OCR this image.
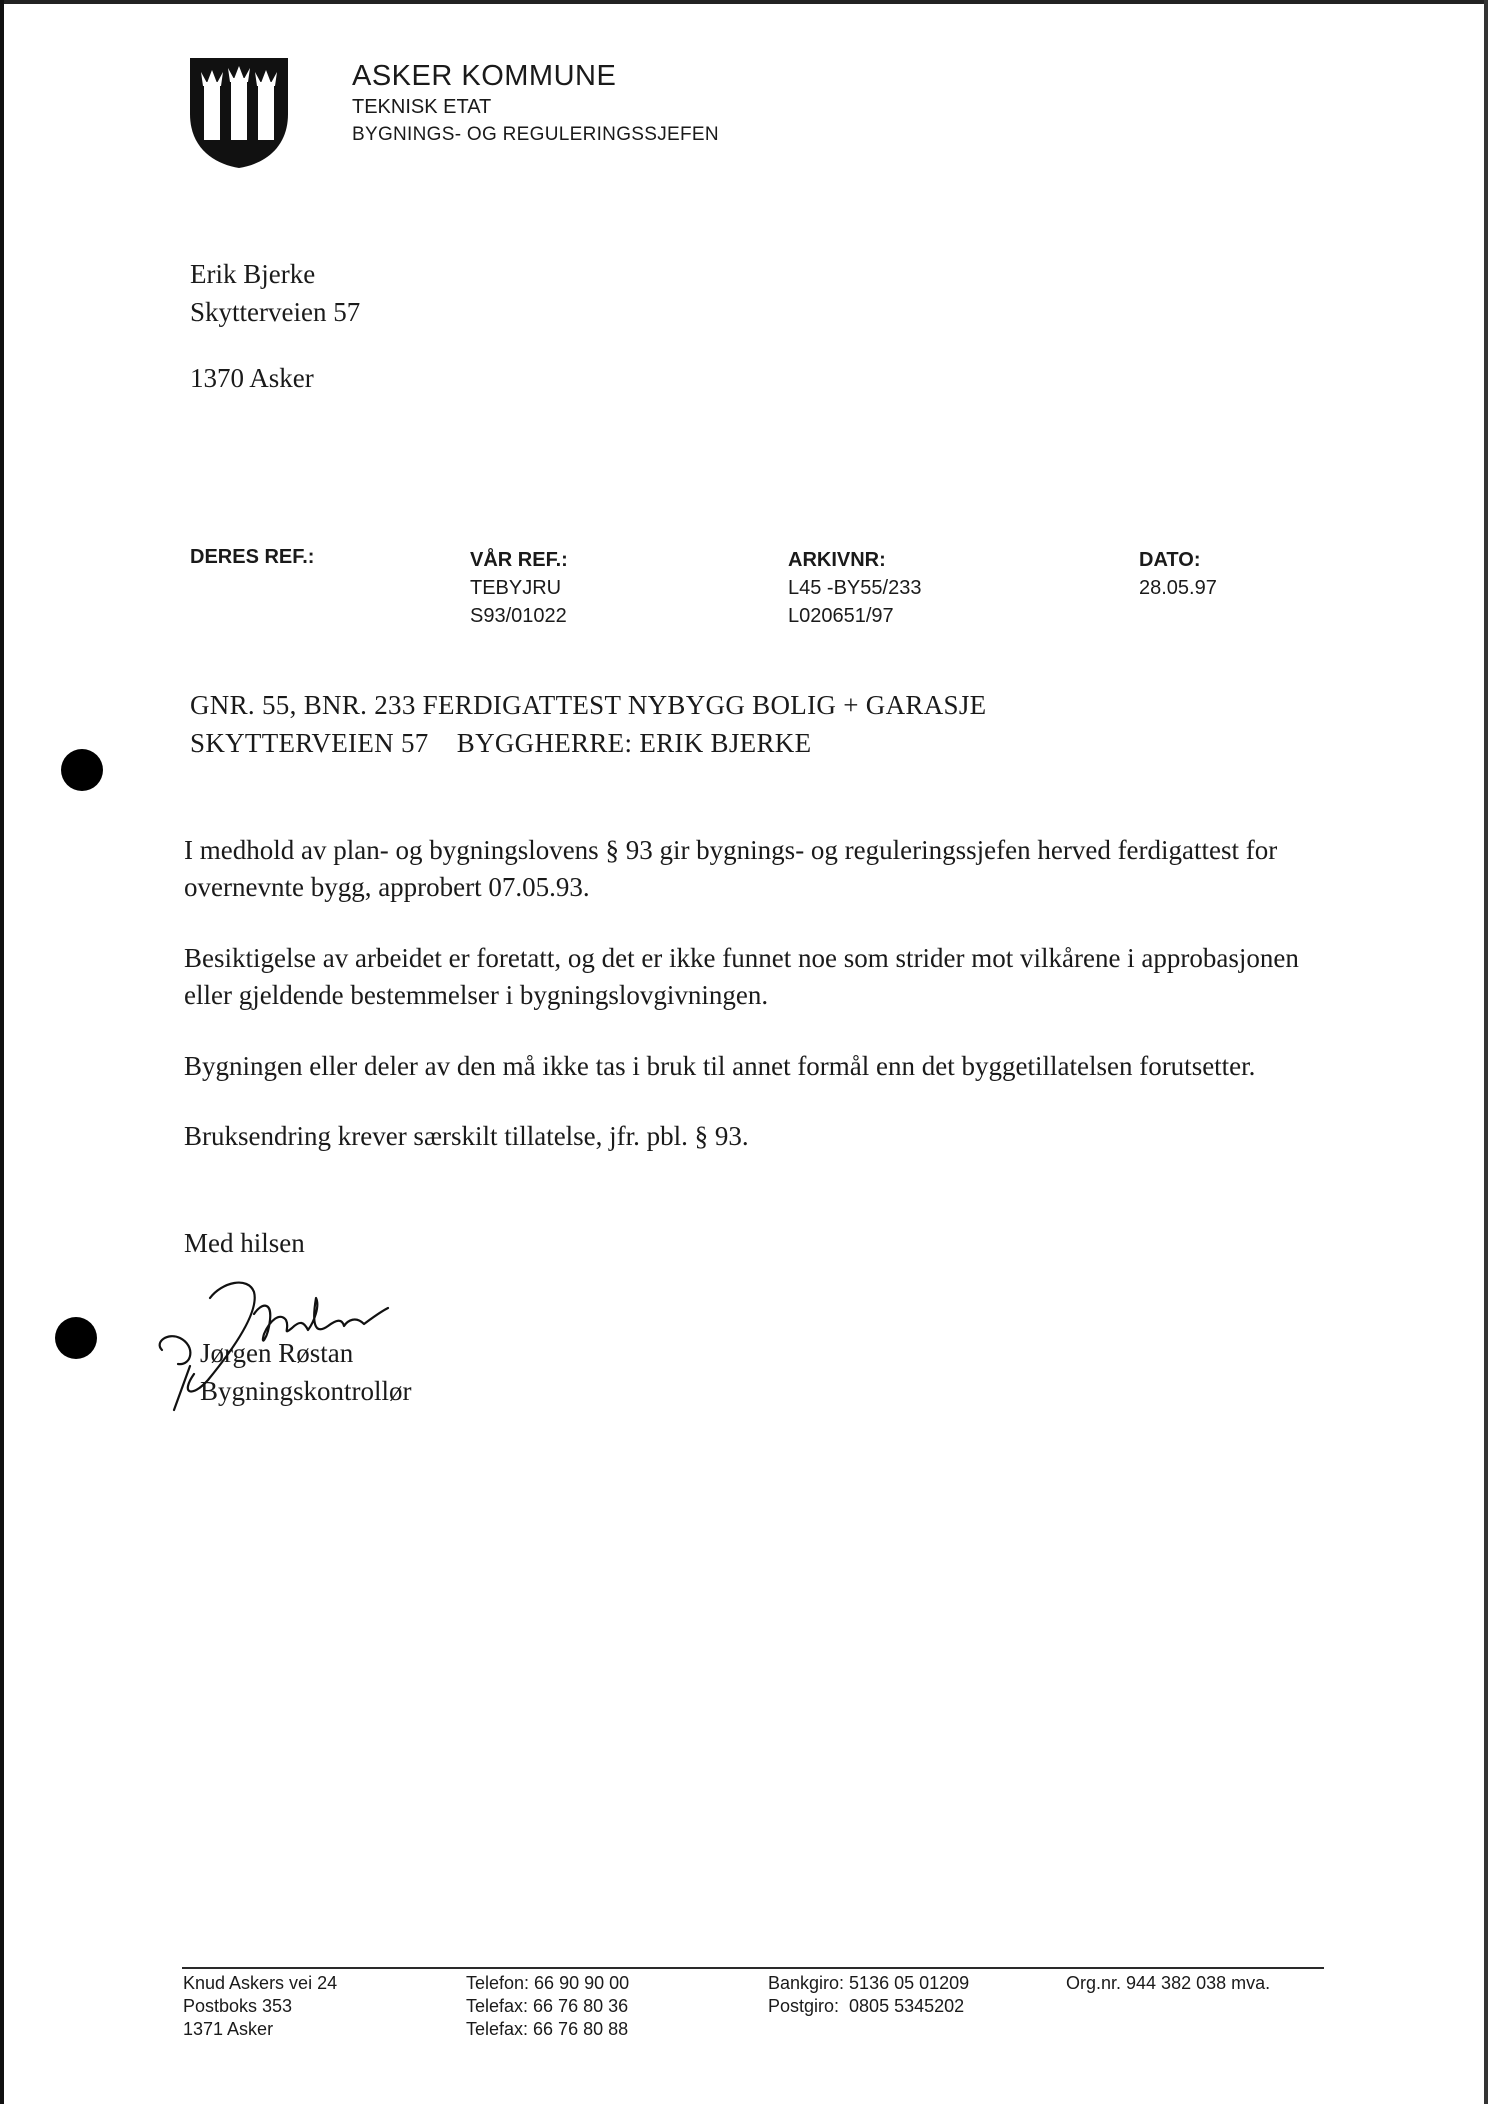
ASKER KOMMUNE
TEKNISK ETAT
BYGNINGS- OG REGULERINGSSJEFEN
Erik Bjerke
Skytterveien 57
1370 Asker
DERES REF.:	VÅR REF.:
TEBYJRU
S93/01022
ARKIVNR:
L45 -BY55/233
L020651/97
DATO:
28.05.97
GNR. 55, BNR. 233 FERDIGATTEST NYBYGG BOLIG + GARASJE
SKYTTERVEIEN 57    BYGGHERRE: ERIK BJERKE

I medhold av plan- og bygningslovens § 93 gir bygnings- og reguleringssjefen herved ferdigattest for overnevnte bygg, approbert 07.05.93.

Besiktigelse av arbeidet er foretatt, og det er ikke funnet noe som strider mot vilkårene i approbasjonen eller gjeldende bestemmelser i bygningslovgivningen.

Bygningen eller deler av den må ikke tas i bruk til annet formål enn det byggetillatelsen forutsetter.

Bruksendring krever særskilt tillatelse, jfr. pbl. § 93.

Med hilsen
Jørgen Røstan
Bygningskontrollør
Knud Askers vei 24
Postboks 353
1371 Asker
Telefon: 66 90 90 00
Telefax: 66 76 80 36
Telefax: 66 76 80 88
Bankgiro: 5136 05 01209
Postgiro:  0805 5345202
Org.nr. 944 382 038 mva.
